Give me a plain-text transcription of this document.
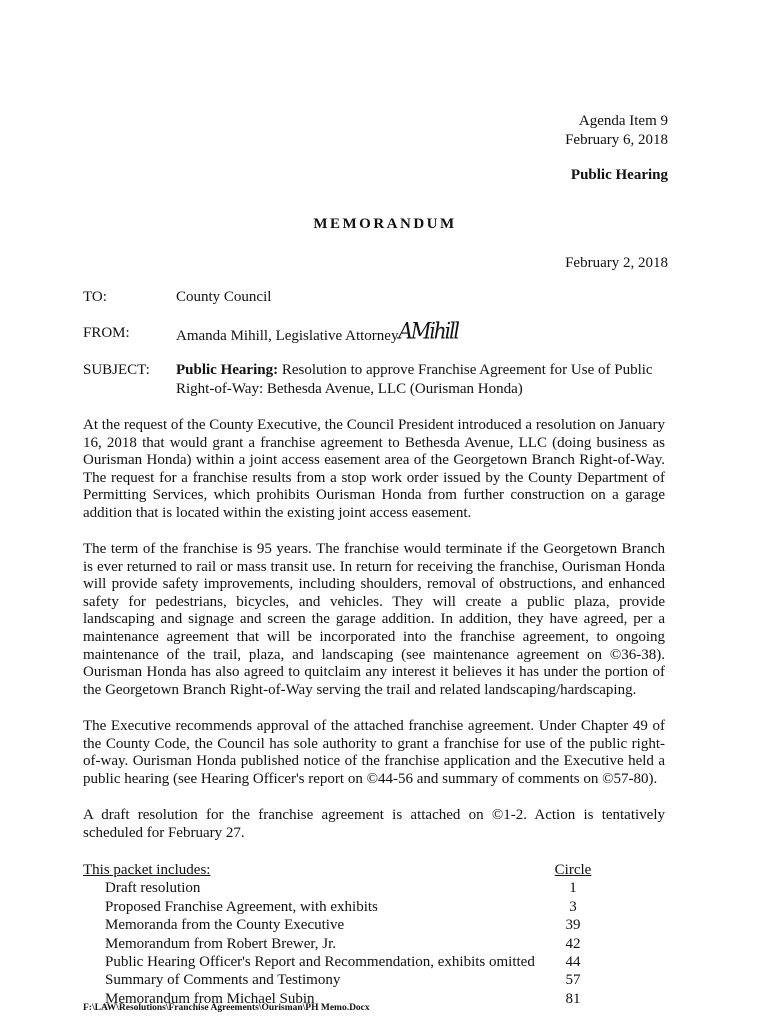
Agenda Item 9
February 6, 2018
Public Hearing
MEMORANDUM
February 2, 2018
TO:	County Council
FROM:	Amanda Mihill, Legislative AttorneyAMihill
SUBJECT: Public Hearing: Resolution to approve Franchise Agreement for Use of Public Right-of-Way: Bethesda Avenue, LLC (Ourisman Honda)

At the request of the County Executive, the Council President introduced a resolution on January 16, 2018 that would grant a franchise agreement to Bethesda Avenue, LLC (doing business as Ourisman Honda) within a joint access easement area of the Georgetown Branch Right-of-Way. The request for a franchise results from a stop work order issued by the County Department of Permitting Services, which prohibits Ourisman Honda from further construction on a garage addition that is located within the existing joint access easement.

The term of the franchise is 95 years. The franchise would terminate if the Georgetown Branch is ever returned to rail or mass transit use. In return for receiving the franchise, Ourisman Honda will provide safety improvements, including shoulders, removal of obstructions, and enhanced safety for pedestrians, bicycles, and vehicles. They will create a public plaza, provide landscaping and signage and screen the garage addition. In addition, they have agreed, per a maintenance agreement that will be incorporated into the franchise agreement, to ongoing maintenance of the trail, plaza, and landscaping (see maintenance agreement on ©36-38). Ourisman Honda has also agreed to quitclaim any interest it believes it has under the portion of the Georgetown Branch Right-of-Way serving the trail and related landscaping/hardscaping.

The Executive recommends approval of the attached franchise agreement. Under Chapter 49 of the County Code, the Council has sole authority to grant a franchise for use of the public right-of-way. Ourisman Honda published notice of the franchise application and the Executive held a public hearing (see Hearing Officer's report on ©44-56 and summary of comments on ©57-80).

A draft resolution for the franchise agreement is attached on ©1-2. Action is tentatively scheduled for February 27.

This packet includes:	Circle
Draft resolution	1
Proposed Franchise Agreement, with exhibits	3
Memoranda from the County Executive	39
Memorandum from Robert Brewer, Jr.	42
Public Hearing Officer's Report and Recommendation, exhibits omitted	44
Summary of Comments and Testimony	57
Memorandum from Michael Subin	81
F:\LAW\Resolutions\Franchise Agreements\Ourisman\PH Memo.Docx
